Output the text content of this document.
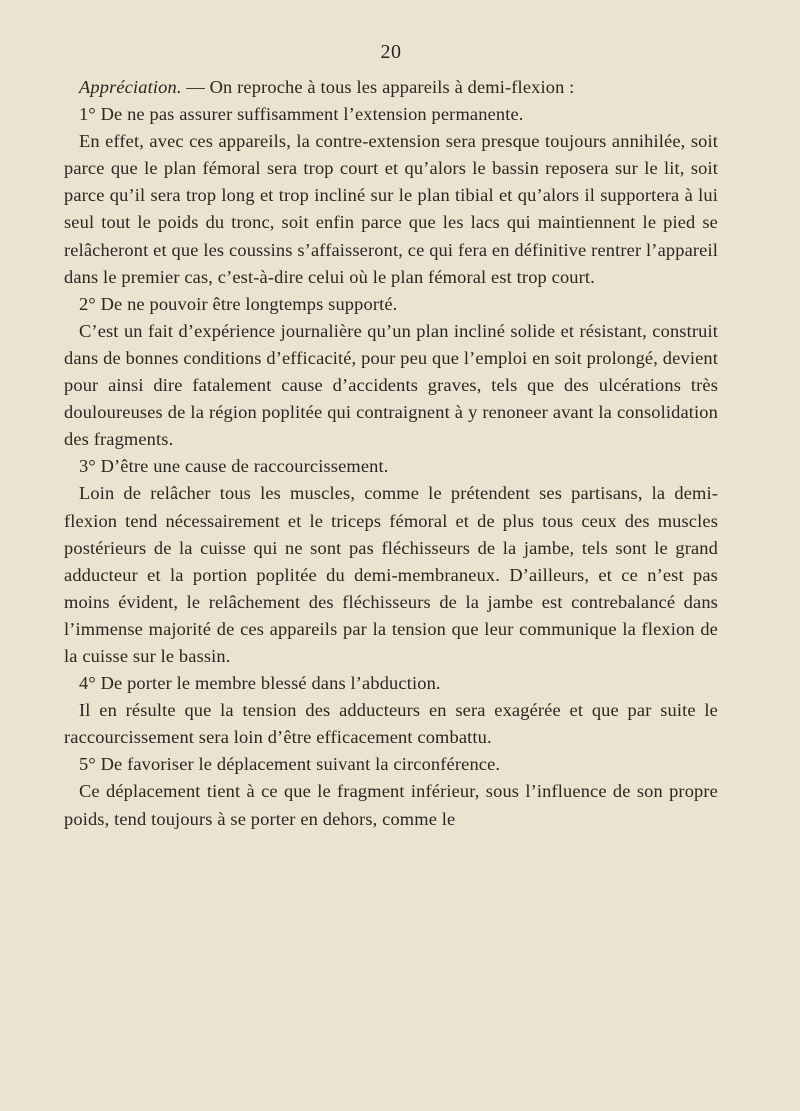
20

Appréciation. — On reproche à tous les appareils à demi-flexion :

1° De ne pas assurer suffisamment l’extension permanente.

En effet, avec ces appareils, la contre-extension sera presque toujours annihilée, soit parce que le plan fémoral sera trop court et qu’alors le bassin reposera sur le lit, soit parce qu’il sera trop long et trop incliné sur le plan tibial et qu’alors il supportera à lui seul tout le poids du tronc, soit enfin parce que les lacs qui maintiennent le pied se relâcheront et que les coussins s’affaisseront, ce qui fera en définitive rentrer l’appareil dans le premier cas, c’est-à-dire celui où le plan fémoral est trop court.

2° De ne pouvoir être longtemps supporté.

C’est un fait d’expérience journalière qu’un plan incliné solide et résistant, construit dans de bonnes conditions d’efficacité, pour peu que l’emploi en soit prolongé, devient pour ainsi dire fatalement cause d’accidents graves, tels que des ulcérations très douloureuses de la région poplitée qui contraignent à y renoneer avant la consolidation des fragments.

3° D’être une cause de raccourcissement.

Loin de relâcher tous les muscles, comme le prétendent ses partisans, la demi-flexion tend nécessairement et le triceps fémoral et de plus tous ceux des muscles postérieurs de la cuisse qui ne sont pas fléchisseurs de la jambe, tels sont le grand adducteur et la portion poplitée du demi-membraneux. D’ailleurs, et ce n’est pas moins évident, le relâchement des fléchisseurs de la jambe est contrebalancé dans l’immense majorité de ces appareils par la tension que leur communique la flexion de la cuisse sur le bassin.

4° De porter le membre blessé dans l’abduction.

Il en résulte que la tension des adducteurs en sera exagérée et que par suite le raccourcissement sera loin d’être efficacement combattu.

5° De favoriser le déplacement suivant la circonférence.

Ce déplacement tient à ce que le fragment inférieur, sous l’influence de son propre poids, tend toujours à se porter en dehors, comme le
